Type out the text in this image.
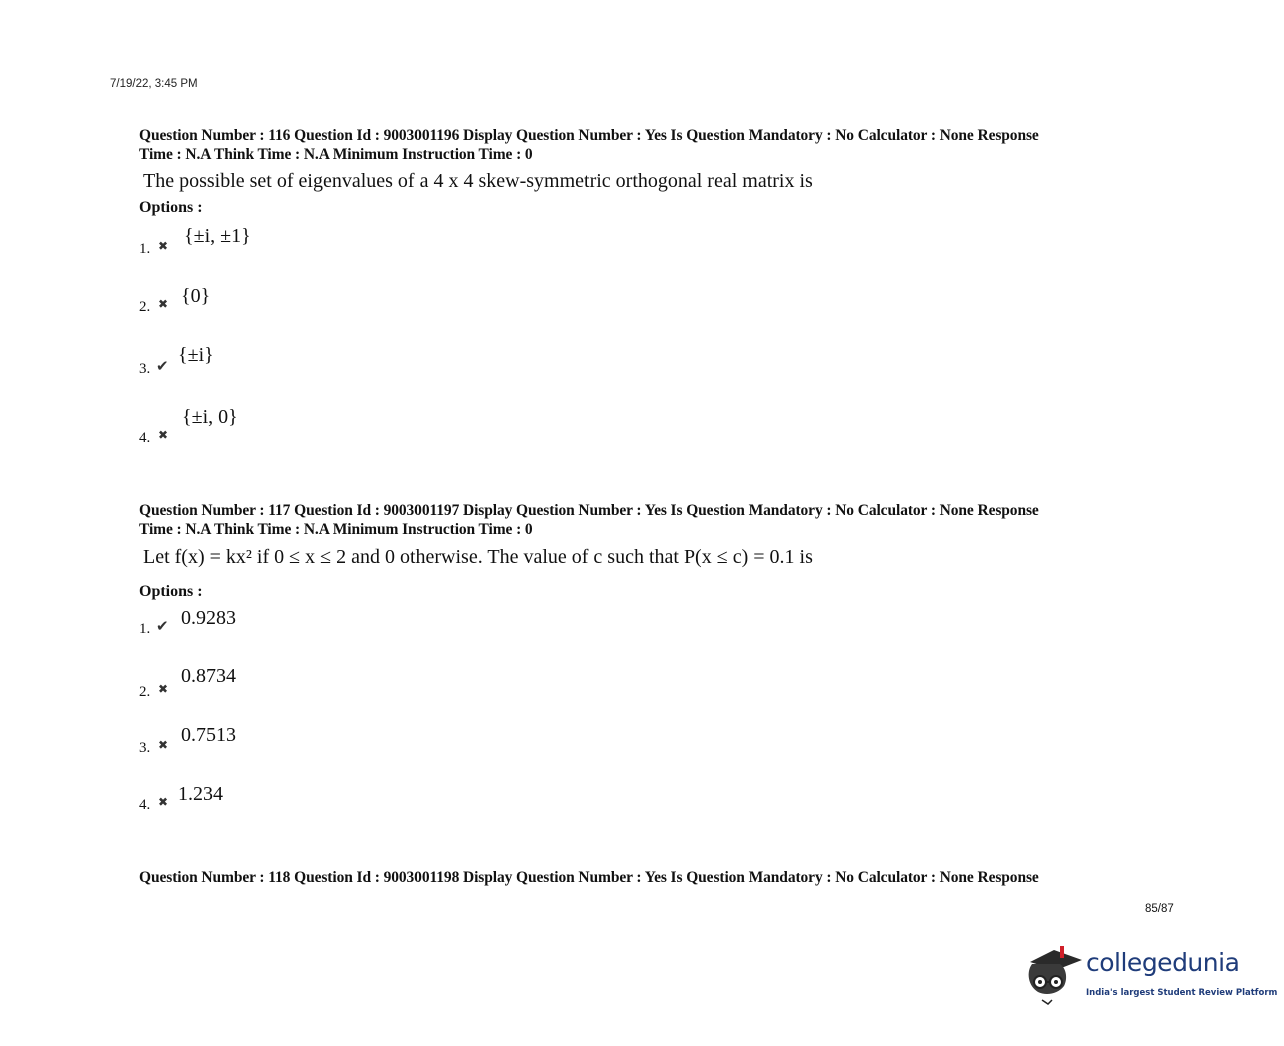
7/19/22, 3:45 PM
Question Number : 116 Question Id : 9003001196 Display Question Number : Yes Is Question Mandatory : No Calculator : None Response
Time : N.A Think Time : N.A Minimum Instruction Time : 0
The possible set of eigenvalues of a 4 x 4 skew-symmetric orthogonal real matrix is
Options :
1. ✖ {±i, ±1}
2. ✖ {0}
3. ✔ {±i}
4. ✖
{±i, 0}
Question Number : 117 Question Id : 9003001197 Display Question Number : Yes Is Question Mandatory : No Calculator : None Response
Time : N.A Think Time : N.A Minimum Instruction Time : 0
Let f(x) = kx² if 0 ≤ x ≤ 2 and 0 otherwise. The value of c such that P(x ≤ c) = 0.1 is
Options :
1. ✔ 0.9283
2. ✖
0.8734
3. ✖ 0.7513
4. ✖ 1.234
Question Number : 118 Question Id : 9003001198 Display Question Number : Yes Is Question Mandatory : No Calculator : None Response
85/87
collegedunia
India's largest Student Review Platform
